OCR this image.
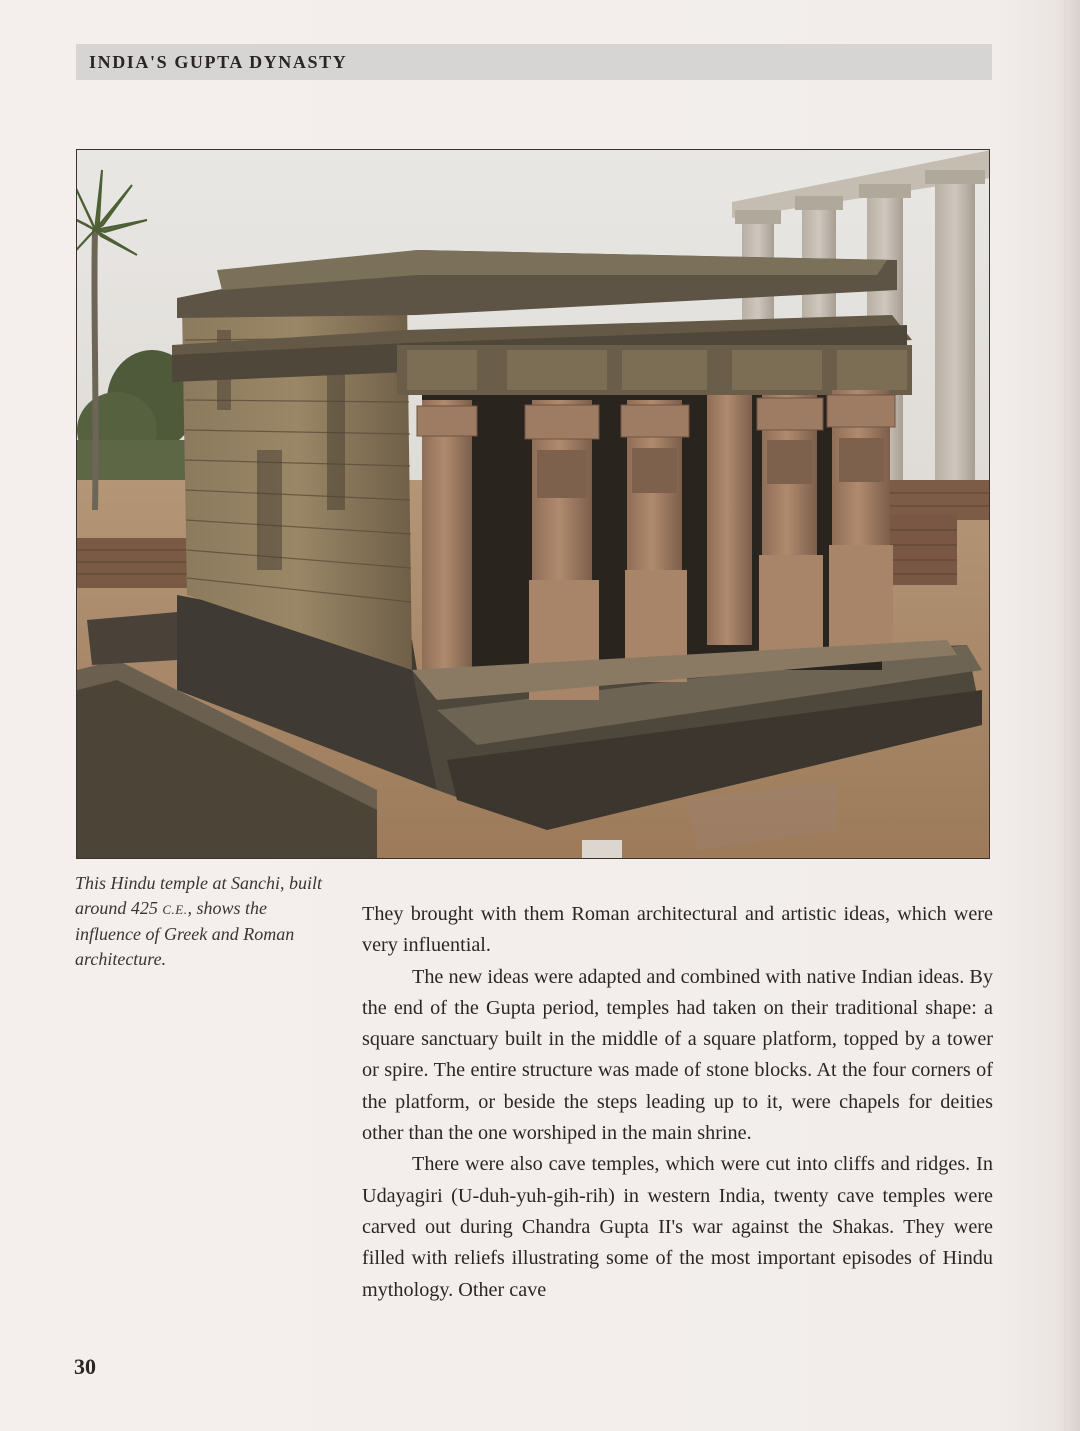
INDIA'S GUPTA DYNASTY
This Hindu temple at Sanchi, built around 425 C.E., shows the influence of Greek and Roman architecture.

They brought with them Roman architectural and artistic ideas, which were very influential.

The new ideas were adapted and combined with native Indian ideas. By the end of the Gupta period, temples had taken on their traditional shape: a square sanctuary built in the middle of a square platform, topped by a tower or spire. The entire structure was made of stone blocks. At the four corners of the platform, or beside the steps leading up to it, were chapels for deities other than the one worshiped in the main shrine.

There were also cave temples, which were cut into cliffs and ridges. In Udayagiri (U-duh-yuh-gih-rih) in western India, twenty cave temples were carved out during Chandra Gupta II's war against the Shakas. They were filled with reliefs illustrating some of the most important episodes of Hindu mythology. Other cave

30
